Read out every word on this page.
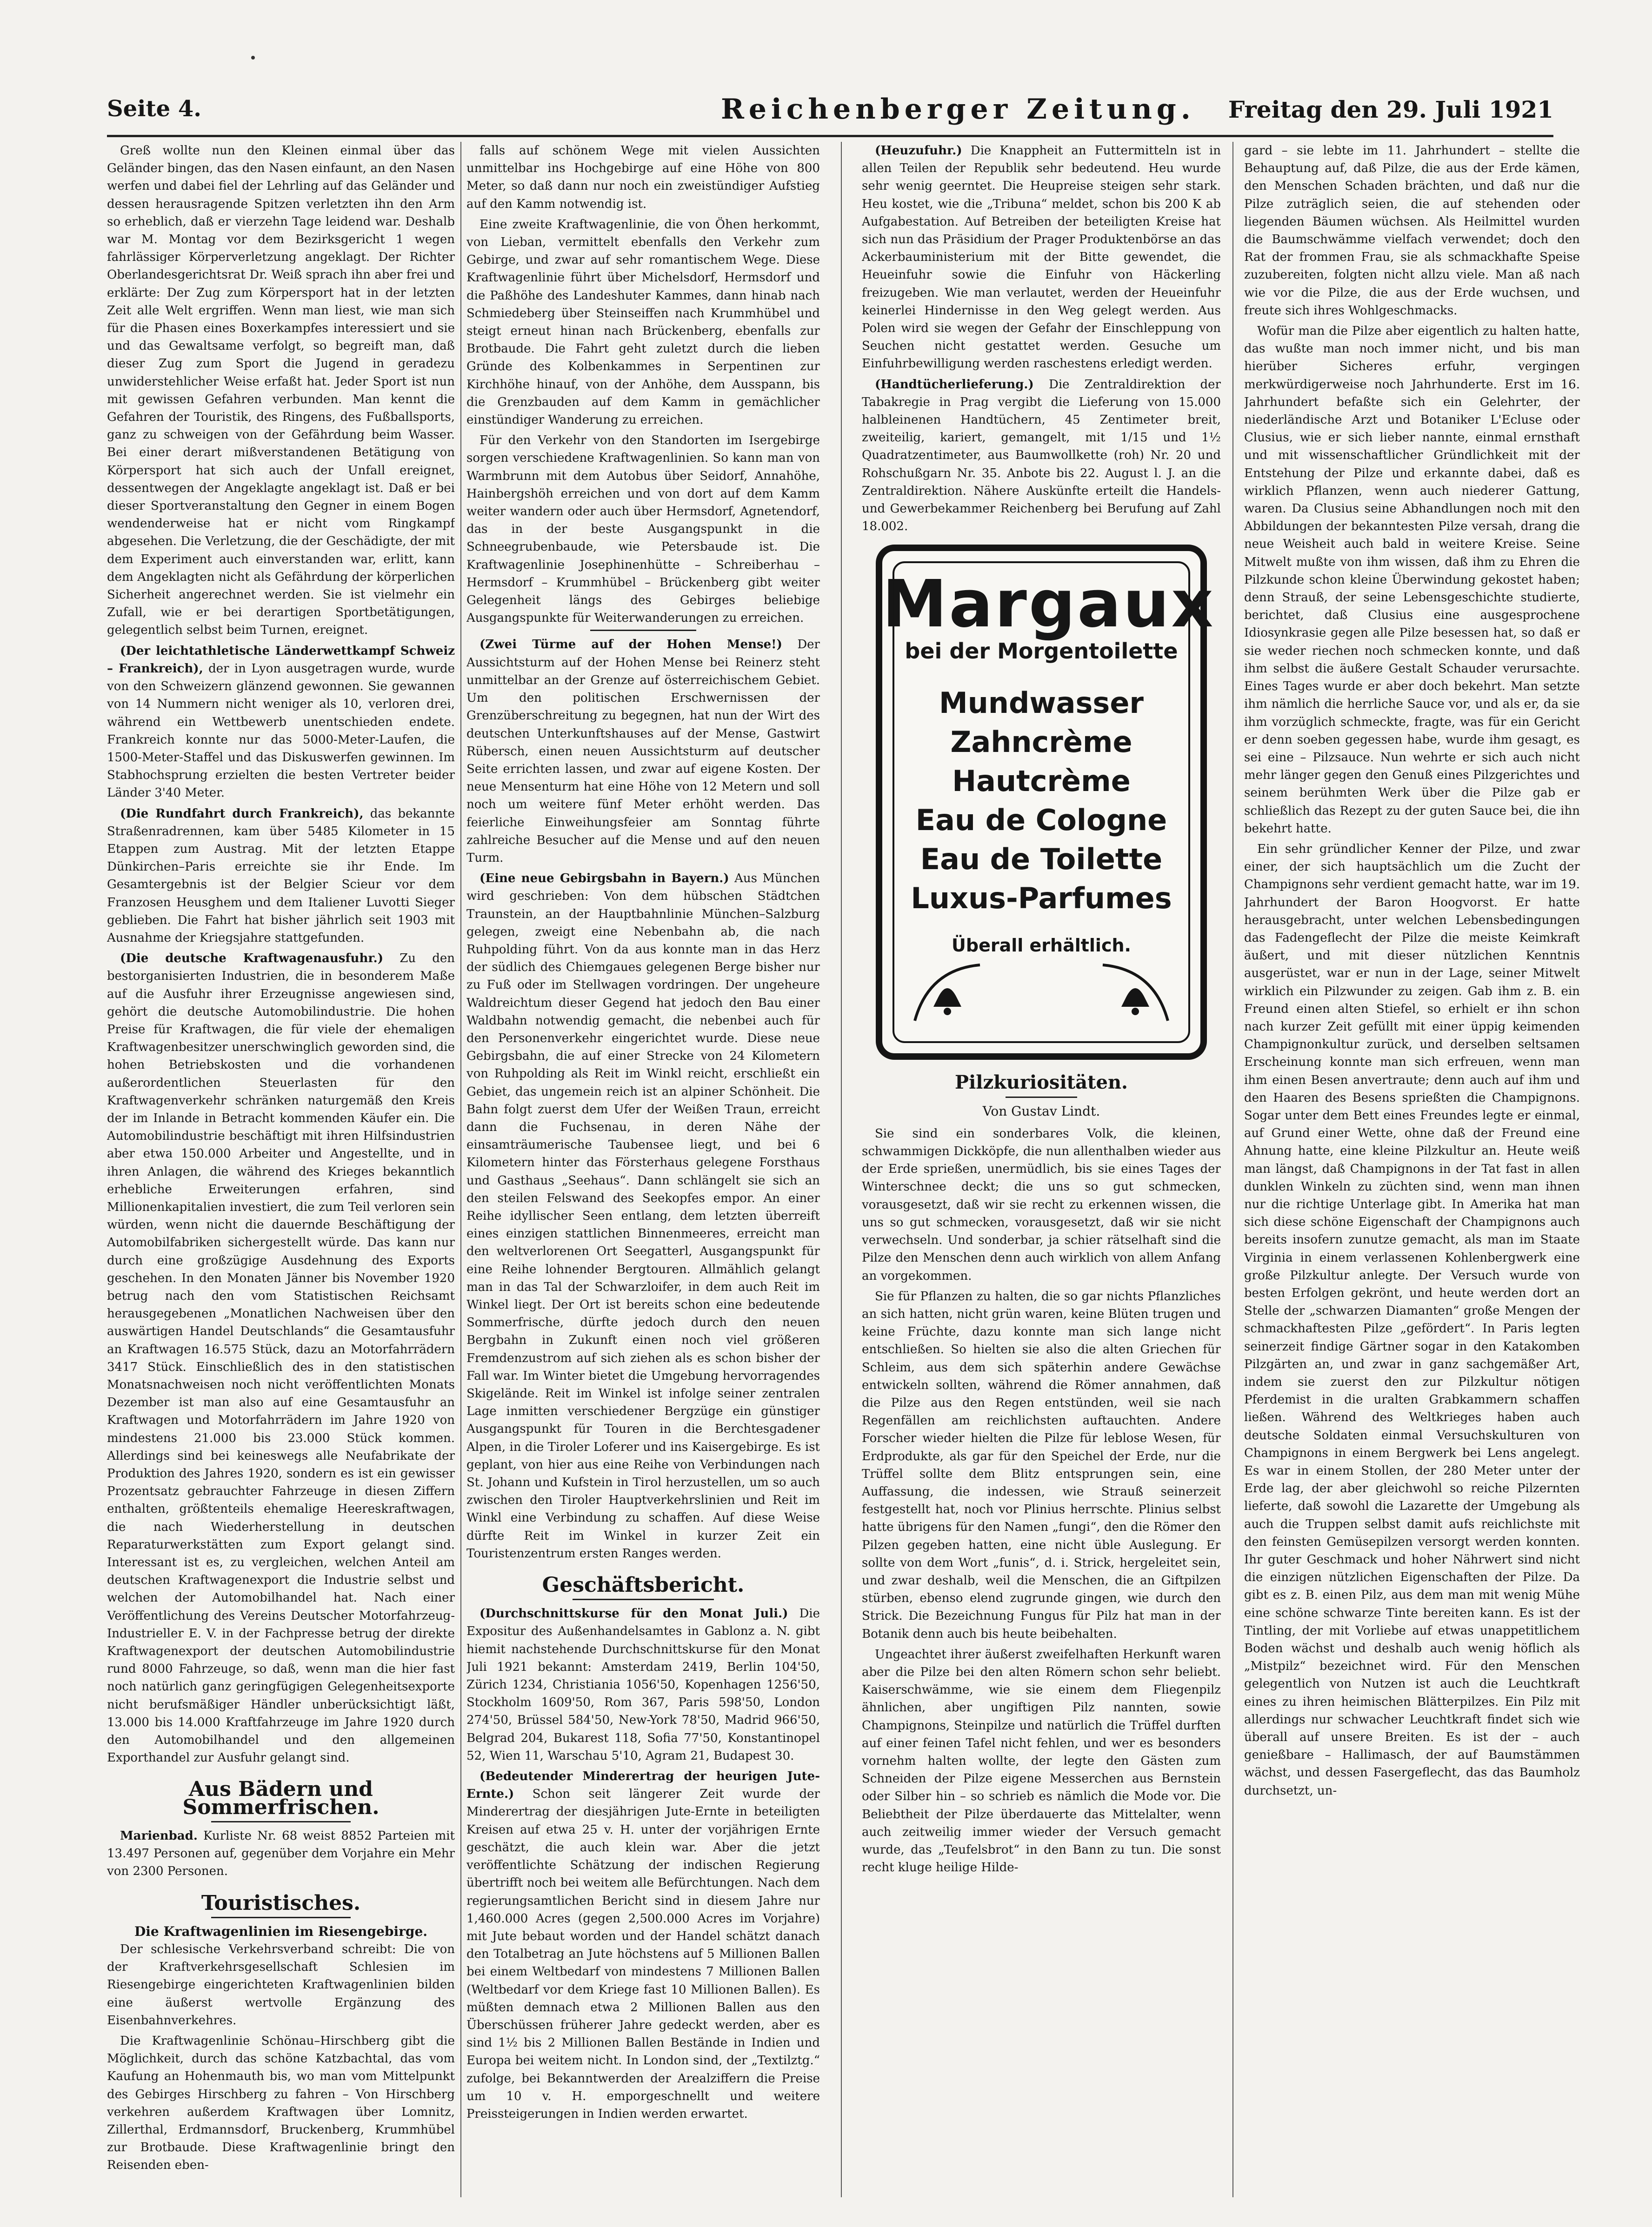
Seite 4.	Reichenberger Zeitung. Freitag den 29. Juli 1921

Greß wollte nun den Kleinen einmal über das Geländer bingen, das den Nasen einfaunt, an den Nasen werfen und dabei fiel der Lehrling auf das Geländer und dessen herausragende Spitzen verletzten ihn den Arm so erheblich, daß er vierzehn Tage leidend war. Deshalb war M. Montag vor dem Bezirksgericht 1 wegen fahrlässiger Körperverletzung angeklagt. Der Richter Oberlandesgerichtsrat Dr. Weiß sprach ihn aber frei und erklärte: Der Zug zum Körpersport hat in der letzten Zeit alle Welt ergriffen. Wenn man liest, wie man sich für die Phasen eines Boxerkampfes interessiert und sie und das Gewaltsame verfolgt, so begreift man, daß dieser Zug zum Sport die Jugend in geradezu unwiderstehlicher Weise erfaßt hat. Jeder Sport ist nun mit gewissen Gefahren verbunden. Man kennt die Gefahren der Touristik, des Ringens, des Fußballsports, ganz zu schweigen von der Gefährdung beim Wasser. Bei einer derart mißverstandenen Betätigung von Körpersport hat sich auch der Unfall ereignet, dessentwegen der Angeklagte angeklagt ist. Daß er bei dieser Sportveranstaltung den Gegner in einem Bogen wendenderweise hat er nicht vom Ringkampf abgesehen. Die Verletzung, die der Geschädigte, der mit dem Experiment auch einverstanden war, erlitt, kann dem Angeklagten nicht als Gefährdung der körperlichen Sicherheit angerechnet werden. Sie ist vielmehr ein Zufall, wie er bei derartigen Sportbetätigungen, gelegentlich selbst beim Turnen, ereignet.

(Der leichtathletische Länderwettkampf Schweiz – Frankreich), der in Lyon ausgetragen wurde, wurde von den Schweizern glänzend gewonnen. Sie gewannen von 14 Nummern nicht weniger als 10, verloren drei, während ein Wettbewerb unentschieden endete. Frankreich konnte nur das 5000-Meter-Laufen, die 1500-Meter-Staffel und das Diskuswerfen gewinnen. Im Stabhochsprung erzielten die besten Vertreter beider Länder 3'40 Meter.

(Die Rundfahrt durch Frankreich), das bekannte Straßenradrennen, kam über 5485 Kilometer in 15 Etappen zum Austrag. Mit der letzten Etappe Dünkirchen–Paris erreichte sie ihr Ende. Im Gesamtergebnis ist der Belgier Scieur vor dem Franzosen Heusghem und dem Italiener Luvotti Sieger geblieben. Die Fahrt hat bisher jährlich seit 1903 mit Ausnahme der Kriegsjahre stattgefunden.

(Die deutsche Kraftwagenausfuhr.) Zu den bestorganisierten Industrien, die in besonderem Maße auf die Ausfuhr ihrer Erzeugnisse angewiesen sind, gehört die deutsche Automobilindustrie. Die hohen Preise für Kraftwagen, die für viele der ehemaligen Kraftwagenbesitzer unerschwinglich geworden sind, die hohen Betriebskosten und die vorhandenen außerordentlichen Steuerlasten für den Kraftwagenverkehr schränken naturgemäß den Kreis der im Inlande in Betracht kommenden Käufer ein. Die Automobilindustrie beschäftigt mit ihren Hilfsindustrien aber etwa 150.000 Arbeiter und Angestellte, und in ihren Anlagen, die während des Krieges bekanntlich erhebliche Erweiterungen erfahren, sind Millionenkapitalien investiert, die zum Teil verloren sein würden, wenn nicht die dauernde Beschäftigung der Automobilfabriken sichergestellt würde. Das kann nur durch eine großzügige Ausdehnung des Exports geschehen. In den Monaten Jänner bis November 1920 betrug nach den vom Statistischen Reichsamt herausgegebenen „Monatlichen Nachweisen über den auswärtigen Handel Deutschlands“ die Gesamtausfuhr an Kraftwagen 16.575 Stück, dazu an Motorfahrrädern 3417 Stück. Einschließlich des in den statistischen Monatsnachweisen noch nicht veröffentlichten Monats Dezember ist man also auf eine Gesamtausfuhr an Kraftwagen und Motorfahrrädern im Jahre 1920 von mindestens 21.000 bis 23.000 Stück kommen. Allerdings sind bei keineswegs alle Neufabrikate der Produktion des Jahres 1920, sondern es ist ein gewisser Prozentsatz gebrauchter Fahrzeuge in diesen Ziffern enthalten, größtenteils ehemalige Heereskraftwagen, die nach Wiederherstellung in deutschen Reparaturwerkstätten zum Export gelangt sind. Interessant ist es, zu vergleichen, welchen Anteil am deutschen Kraftwagenexport die Industrie selbst und welchen der Automobilhandel hat. Nach einer Veröffentlichung des Vereins Deutscher Motorfahrzeug-Industrieller E. V. in der Fachpresse betrug der direkte Kraftwagenexport der deutschen Automobilindustrie rund 8000 Fahrzeuge, so daß, wenn man die hier fast noch natürlich ganz geringfügigen Gelegenheitsexporte nicht berufsmäßiger Händler unberücksichtigt läßt, 13.000 bis 14.000 Kraftfahrzeuge im Jahre 1920 durch den Automobilhandel und den allgemeinen Exporthandel zur Ausfuhr gelangt sind.

Aus Bädern und Sommerfrischen.

Marienbad. Kurliste Nr. 68 weist 8852 Parteien mit 13.497 Personen auf, gegenüber dem Vorjahre ein Mehr von 2300 Personen.

Touristisches.
Die Kraftwagenlinien im Riesengebirge.

Der schlesische Verkehrsverband schreibt: Die von der Kraftverkehrsgesellschaft Schlesien im Riesengebirge eingerichteten Kraftwagenlinien bilden eine äußerst wertvolle Ergänzung des Eisenbahnverkehres.

Die Kraftwagenlinie Schönau–Hirschberg gibt die Möglichkeit, durch das schöne Katzbachtal, das vom Kaufung an Hohenmauth bis, wo man vom Mittelpunkt des Gebirges Hirschberg zu fahren – Von Hirschberg verkehren außerdem Kraftwagen über Lomnitz, Zillerthal, Erdmannsdorf, Bruckenberg, Krummhübel zur Brotbaude. Diese Kraftwagenlinie bringt den Reisenden eben-

falls auf schönem Wege mit vielen Aussichten unmittelbar ins Hochgebirge auf eine Höhe von 800 Meter, so daß dann nur noch ein zweistündiger Aufstieg auf den Kamm notwendig ist.

Eine zweite Kraftwagenlinie, die von Öhen herkommt, von Lieban, vermittelt ebenfalls den Verkehr zum Gebirge, und zwar auf sehr romantischem Wege. Diese Kraftwagenlinie führt über Michelsdorf, Hermsdorf und die Paßhöhe des Landeshuter Kammes, dann hinab nach Schmiedeberg über Steinseiffen nach Krummhübel und steigt erneut hinan nach Brückenberg, ebenfalls zur Brotbaude. Die Fahrt geht zuletzt durch die lieben Gründe des Kolbenkammes in Serpentinen zur Kirchhöhe hinauf, von der Anhöhe, dem Ausspann, bis die Grenzbauden auf dem Kamm in gemächlicher einstündiger Wanderung zu erreichen.

Für den Verkehr von den Standorten im Isergebirge sorgen verschiedene Kraftwagenlinien. So kann man von Warmbrunn mit dem Autobus über Seidorf, Annahöhe, Hainbergshöh erreichen und von dort auf dem Kamm weiter wandern oder auch über Hermsdorf, Agnetendorf, das in der beste Ausgangspunkt in die Schneegrubenbaude, wie Petersbaude ist. Die Kraftwagenlinie Josephinenhütte – Schreiberhau – Hermsdorf – Krummhübel – Brückenberg gibt weiter Gelegenheit längs des Gebirges beliebige Ausgangspunkte für Weiterwanderungen zu erreichen.

(Zwei Türme auf der Hohen Mense!) Der Aussichtsturm auf der Hohen Mense bei Reinerz steht unmittelbar an der Grenze auf österreichischem Gebiet. Um den politischen Erschwernissen der Grenzüberschreitung zu begegnen, hat nun der Wirt des deutschen Unterkunftshauses auf der Mense, Gastwirt Rübersch, einen neuen Aussichtsturm auf deutscher Seite errichten lassen, und zwar auf eigene Kosten. Der neue Mensenturm hat eine Höhe von 12 Metern und soll noch um weitere fünf Meter erhöht werden. Das feierliche Einweihungsfeier am Sonntag führte zahlreiche Besucher auf die Mense und auf den neuen Turm.

(Eine neue Gebirgsbahn in Bayern.) Aus München wird geschrieben: Von dem hübschen Städtchen Traunstein, an der Hauptbahnlinie München–Salzburg gelegen, zweigt eine Nebenbahn ab, die nach Ruhpolding führt. Von da aus konnte man in das Herz der südlich des Chiemgaues gelegenen Berge bisher nur zu Fuß oder im Stellwagen vordringen. Der ungeheure Waldreichtum dieser Gegend hat jedoch den Bau einer Waldbahn notwendig gemacht, die nebenbei auch für den Personenverkehr eingerichtet wurde. Diese neue Gebirgsbahn, die auf einer Strecke von 24 Kilometern von Ruhpolding als Reit im Winkl reicht, erschließt ein Gebiet, das ungemein reich ist an alpiner Schönheit. Die Bahn folgt zuerst dem Ufer der Weißen Traun, erreicht dann die Fuchsenau, in deren Nähe der einsamträumerische Taubensee liegt, und bei 6 Kilometern hinter das Försterhaus gelegene Forsthaus und Gasthaus „Seehaus“. Dann schlängelt sie sich an den steilen Felswand des Seekopfes empor. An einer Reihe idyllischer Seen entlang, dem letzten überreift eines einzigen stattlichen Binnenmeeres, erreicht man den weltverlorenen Ort Seegatterl, Ausgangspunkt für eine Reihe lohnender Bergtouren. Allmählich gelangt man in das Tal der Schwarzloifer, in dem auch Reit im Winkel liegt. Der Ort ist bereits schon eine bedeutende Sommerfrische, dürfte jedoch durch den neuen Bergbahn in Zukunft einen noch viel größeren Fremdenzustrom auf sich ziehen als es schon bisher der Fall war. Im Winter bietet die Umgebung hervorragendes Skigelände. Reit im Winkel ist infolge seiner zentralen Lage inmitten verschiedener Bergzüge ein günstiger Ausgangspunkt für Touren in die Berchtesgadener Alpen, in die Tiroler Loferer und ins Kaisergebirge. Es ist geplant, von hier aus eine Reihe von Verbindungen nach St. Johann und Kufstein in Tirol herzustellen, um so auch zwischen den Tiroler Hauptverkehrslinien und Reit im Winkl eine Verbindung zu schaffen. Auf diese Weise dürfte Reit im Winkel in kurzer Zeit ein Touristenzentrum ersten Ranges werden.

Geschäftsbericht.

(Durchschnittskurse für den Monat Juli.) Die Expositur des Außenhandelsamtes in Gablonz a. N. gibt hiemit nachstehende Durchschnittskurse für den Monat Juli 1921 bekannt: Amsterdam 2419, Berlin 104'50, Zürich 1234, Christiania 1056'50, Kopenhagen 1256'50, Stockholm 1609'50, Rom 367, Paris 598'50, London 274'50, Brüssel 584'50, New-York 78'50, Madrid 966'50, Belgrad 204, Bukarest 118, Sofia 77'50, Konstantinopel 52, Wien 11, Warschau 5'10, Agram 21, Budapest 30.

(Bedeutender Minderertrag der heurigen Jute-Ernte.) Schon seit längerer Zeit wurde der Minderertrag der diesjährigen Jute-Ernte in beteiligten Kreisen auf etwa 25 v. H. unter der vorjährigen Ernte geschätzt, die auch klein war. Aber die jetzt veröffentlichte Schätzung der indischen Regierung übertrifft noch bei weitem alle Befürchtungen. Nach dem regierungsamtlichen Bericht sind in diesem Jahre nur 1,460.000 Acres (gegen 2,500.000 Acres im Vorjahre) mit Jute bebaut worden und der Handel schätzt danach den Totalbetrag an Jute höchstens auf 5 Millionen Ballen bei einem Weltbedarf von mindestens 7 Millionen Ballen (Weltbedarf vor dem Kriege fast 10 Millionen Ballen). Es müßten demnach etwa 2 Millionen Ballen aus den Überschüssen früherer Jahre gedeckt werden, aber es sind 1½ bis 2 Millionen Ballen Bestände in Indien und Europa bei weitem nicht. In London sind, der „Textilztg.“ zufolge, bei Bekanntwerden der Arealziffern die Preise um 10 v. H. emporgeschnellt und weitere Preissteigerungen in Indien werden erwartet.

(Heuzufuhr.) Die Knappheit an Futtermitteln ist in allen Teilen der Republik sehr bedeutend. Heu wurde sehr wenig geerntet. Die Heupreise steigen sehr stark. Heu kostet, wie die „Tribuna“ meldet, schon bis 200 K ab Aufgabestation. Auf Betreiben der beteiligten Kreise hat sich nun das Präsidium der Prager Produktenbörse an das Ackerbauministerium mit der Bitte gewendet, die Heueinfuhr sowie die Einfuhr von Häckerling freizugeben. Wie man verlautet, werden der Heueinfuhr keinerlei Hindernisse in den Weg gelegt werden. Aus Polen wird sie wegen der Gefahr der Einschleppung von Seuchen nicht gestattet werden. Gesuche um Einfuhrbewilligung werden raschestens erledigt werden.

(Handtücherlieferung.) Die Zentraldirektion der Tabakregie in Prag vergibt die Lieferung von 15.000 halbleinenen Handtüchern, 45 Zentimeter breit, zweiteilig, kariert, gemangelt, mit 1/15 und 1½ Quadratzentimeter, aus Baumwollkette (roh) Nr. 20 und Rohschußgarn Nr. 35. Anbote bis 22. August l. J. an die Zentraldirektion. Nähere Auskünfte erteilt die Handels- und Gewerbekammer Reichenberg bei Berufung auf Zahl 18.002.

Margaux
bei der Morgentoilette
Mundwasser
Zahncrème
Hautcrème
Eau de Cologne
Eau de Toilette
Luxus-Parfumes
Überall erhältlich.
Pilzkuriositäten.
Von Gustav Lindt.

Sie sind ein sonderbares Volk, die kleinen, schwammigen Dickköpfe, die nun allenthalben wieder aus der Erde sprießen, unermüdlich, bis sie eines Tages der Winterschnee deckt; die uns so gut schmecken, vorausgesetzt, daß wir sie recht zu erkennen wissen, die uns so gut schmecken, vorausgesetzt, daß wir sie nicht verwechseln. Und sonderbar, ja schier rätselhaft sind die Pilze den Menschen denn auch wirklich von allem Anfang an vorgekommen.

Sie für Pflanzen zu halten, die so gar nichts Pflanzliches an sich hatten, nicht grün waren, keine Blüten trugen und keine Früchte, dazu konnte man sich lange nicht entschließen. So hielten sie also die alten Griechen für Schleim, aus dem sich späterhin andere Gewächse entwickeln sollten, während die Römer annahmen, daß die Pilze aus den Regen entstünden, weil sie nach Regenfällen am reichlichsten auftauchten. Andere Forscher wieder hielten die Pilze für leblose Wesen, für Erdprodukte, als gar für den Speichel der Erde, nur die Trüffel sollte dem Blitz entsprungen sein, eine Auffassung, die indessen, wie Strauß seinerzeit festgestellt hat, noch vor Plinius herrschte. Plinius selbst hatte übrigens für den Namen „fungi“, den die Römer den Pilzen gegeben hatten, eine nicht üble Auslegung. Er sollte von dem Wort „funis“, d. i. Strick, hergeleitet sein, und zwar deshalb, weil die Menschen, die an Giftpilzen stürben, ebenso elend zugrunde gingen, wie durch den Strick. Die Bezeichnung Fungus für Pilz hat man in der Botanik denn auch bis heute beibehalten.

Ungeachtet ihrer äußerst zweifelhaften Herkunft waren aber die Pilze bei den alten Römern schon sehr beliebt. Kaiserschwämme, wie sie einem dem Fliegenpilz ähnlichen, aber ungiftigen Pilz nannten, sowie Champignons, Steinpilze und natürlich die Trüffel durften auf einer feinen Tafel nicht fehlen, und wer es besonders vornehm halten wollte, der legte den Gästen zum Schneiden der Pilze eigene Messerchen aus Bernstein oder Silber hin – so schrieb es nämlich die Mode vor. Die Beliebtheit der Pilze überdauerte das Mittelalter, wenn auch zeitweilig immer wieder der Versuch gemacht wurde, das „Teufelsbrot“ in den Bann zu tun. Die sonst recht kluge heilige Hilde-

gard – sie lebte im 11. Jahrhundert – stellte die Behauptung auf, daß Pilze, die aus der Erde kämen, den Menschen Schaden brächten, und daß nur die Pilze zuträglich seien, die auf stehenden oder liegenden Bäumen wüchsen. Als Heilmittel wurden die Baumschwämme vielfach verwendet; doch den Rat der frommen Frau, sie als schmackhafte Speise zuzubereiten, folgten nicht allzu viele. Man aß nach wie vor die Pilze, die aus der Erde wuchsen, und freute sich ihres Wohlgeschmacks.

Wofür man die Pilze aber eigentlich zu halten hatte, das wußte man noch immer nicht, und bis man hierüber Sicheres erfuhr, vergingen merkwürdigerweise noch Jahrhunderte. Erst im 16. Jahrhundert befaßte sich ein Gelehrter, der niederländische Arzt und Botaniker L'Ecluse oder Clusius, wie er sich lieber nannte, einmal ernsthaft und mit wissenschaftlicher Gründlichkeit mit der Entstehung der Pilze und erkannte dabei, daß es wirklich Pflanzen, wenn auch niederer Gattung, waren. Da Clusius seine Abhandlungen noch mit den Abbildungen der bekanntesten Pilze versah, drang die neue Weisheit auch bald in weitere Kreise. Seine Mitwelt mußte von ihm wissen, daß ihm zu Ehren die Pilzkunde schon kleine Überwindung gekostet haben; denn Strauß, der seine Lebensgeschichte studierte, berichtet, daß Clusius eine ausgesprochene Idiosynkrasie gegen alle Pilze besessen hat, so daß er sie weder riechen noch schmecken konnte, und daß ihm selbst die äußere Gestalt Schauder verursachte. Eines Tages wurde er aber doch bekehrt. Man setzte ihm nämlich die herrliche Sauce vor, und als er, da sie ihm vorzüglich schmeckte, fragte, was für ein Gericht er denn soeben gegessen habe, wurde ihm gesagt, es sei eine – Pilzsauce. Nun wehrte er sich auch nicht mehr länger gegen den Genuß eines Pilzgerichtes und seinem berühmten Werk über die Pilze gab er schließlich das Rezept zu der guten Sauce bei, die ihn bekehrt hatte.

Ein sehr gründlicher Kenner der Pilze, und zwar einer, der sich hauptsächlich um die Zucht der Champignons sehr verdient gemacht hatte, war im 19. Jahrhundert der Baron Hoogvorst. Er hatte herausgebracht, unter welchen Lebensbedingungen das Fadengeflecht der Pilze die meiste Keimkraft äußert, und mit dieser nützlichen Kenntnis ausgerüstet, war er nun in der Lage, seiner Mitwelt wirklich ein Pilzwunder zu zeigen. Gab ihm z. B. ein Freund einen alten Stiefel, so erhielt er ihn schon nach kurzer Zeit gefüllt mit einer üppig keimenden Champignonkultur zurück, und derselben seltsamen Erscheinung konnte man sich erfreuen, wenn man ihm einen Besen anvertraute; denn auch auf ihm und den Haaren des Besens sprießten die Champignons. Sogar unter dem Bett eines Freundes legte er einmal, auf Grund einer Wette, ohne daß der Freund eine Ahnung hatte, eine kleine Pilzkultur an. Heute weiß man längst, daß Champignons in der Tat fast in allen dunklen Winkeln zu züchten sind, wenn man ihnen nur die richtige Unterlage gibt. In Amerika hat man sich diese schöne Eigenschaft der Champignons auch bereits insofern zunutze gemacht, als man im Staate Virginia in einem verlassenen Kohlenbergwerk eine große Pilzkultur anlegte. Der Versuch wurde von besten Erfolgen gekrönt, und heute werden dort an Stelle der „schwarzen Diamanten“ große Mengen der schmackhaftesten Pilze „gefördert“. In Paris legten seinerzeit findige Gärtner sogar in den Katakomben Pilzgärten an, und zwar in ganz sachgemäßer Art, indem sie zuerst den zur Pilzkultur nötigen Pferdemist in die uralten Grabkammern schaffen ließen. Während des Weltkrieges haben auch deutsche Soldaten einmal Versuchskulturen von Champignons in einem Bergwerk bei Lens angelegt. Es war in einem Stollen, der 280 Meter unter der Erde lag, der aber gleichwohl so reiche Pilzernten lieferte, daß sowohl die Lazarette der Umgebung als auch die Truppen selbst damit aufs reichlichste mit den feinsten Gemüsepilzen versorgt werden konnten. Ihr guter Geschmack und hoher Nährwert sind nicht die einzigen nützlichen Eigenschaften der Pilze. Da gibt es z. B. einen Pilz, aus dem man mit wenig Mühe eine schöne schwarze Tinte bereiten kann. Es ist der Tintling, der mit Vorliebe auf etwas unappetitlichem Boden wächst und deshalb auch wenig höflich als „Mistpilz“ bezeichnet wird. Für den Menschen gelegentlich von Nutzen ist auch die Leuchtkraft eines zu ihren heimischen Blätterpilzes. Ein Pilz mit allerdings nur schwacher Leuchtkraft findet sich wie überall auf unsere Breiten. Es ist der – auch genießbare – Hallimasch, der auf Baumstämmen wächst, und dessen Fasergeflecht, das das Baumholz durchsetzt, un-
